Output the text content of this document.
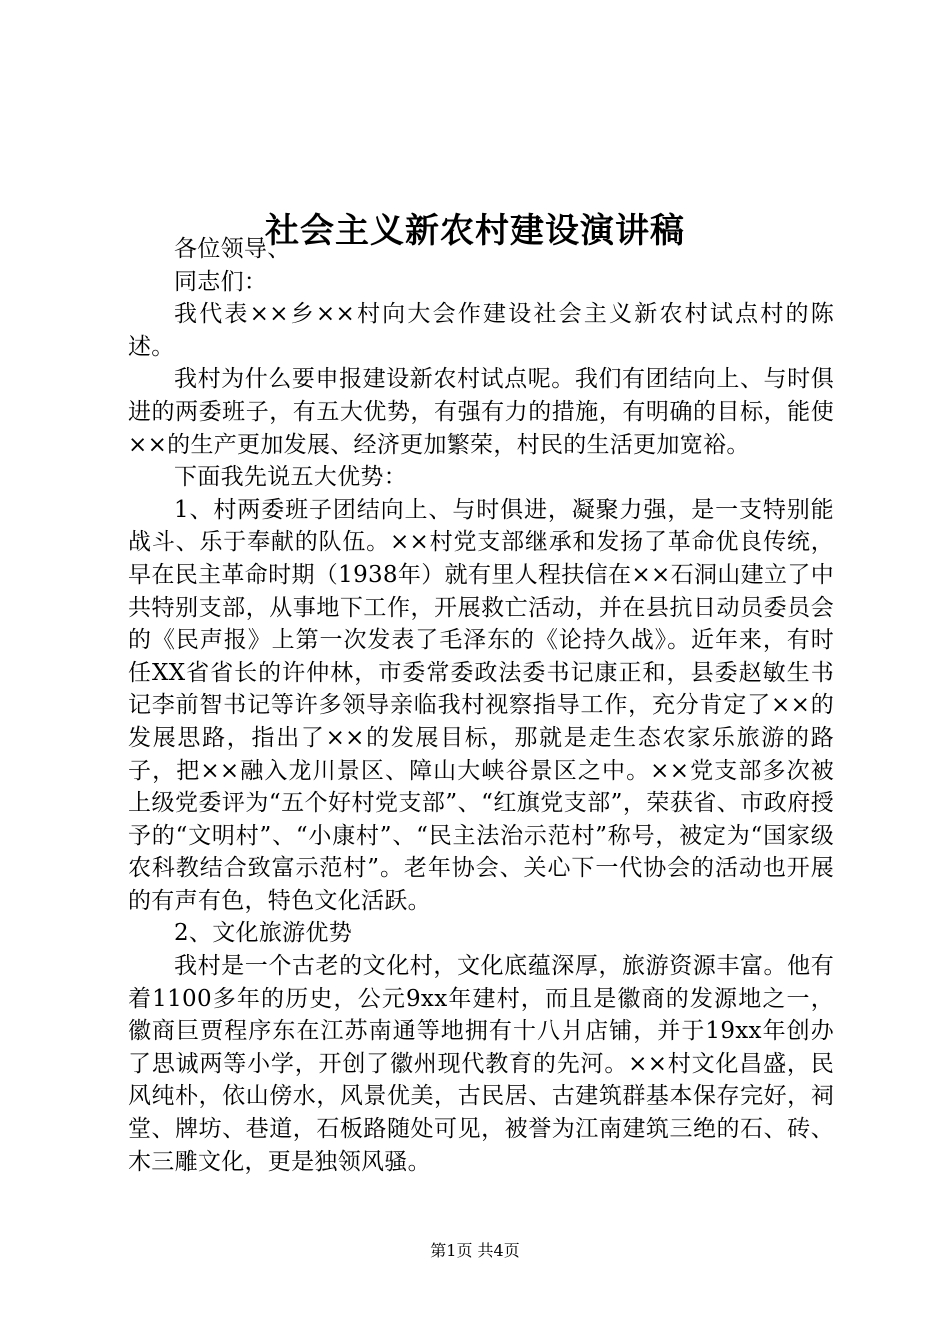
社会主义新农村建设演讲稿

各位领导、

同志们：

我代表××乡××村向大会作建设社会主义新农村试点村的陈述。

我村为什么要申报建设新农村试点呢。我们有团结向上、与时俱进的两委班子，有五大优势，有强有力的措施，有明确的目标，能使××的生产更加发展、经济更加繁荣，村民的生活更加宽裕。

下面我先说五大优势：

1、村两委班子团结向上、与时俱进，凝聚力强，是一支特别能战斗、乐于奉献的队伍。××村党支部继承和发扬了革命优良传统，早在民主革命时期（1938年）就有里人程扶信在××石洞山建立了中共特别支部，从事地下工作，开展救亡活动，并在县抗日动员委员会的《民声报》上第一次发表了毛泽东的《论持久战》。近年来，有时任XX省省长的许仲林，市委常委政法委书记康正和，县委赵敏生书记李前智书记等许多领导亲临我村视察指导工作，充分肯定了××的发展思路，指出了××的发展目标，那就是走生态农家乐旅游的路子，把××融入龙川景区、障山大峡谷景区之中。××党支部多次被上级党委评为“五个好村党支部”、“红旗党支部”，荣获省、市政府授予的“文明村”、“小康村”、“民主法治示范村”称号，被定为“国家级农科教结合致富示范村”。老年协会、关心下一代协会的活动也开展的有声有色，特色文化活跃。

2、文化旅游优势

我村是一个古老的文化村，文化底蕴深厚，旅游资源丰富。他有着1100多年的历史，公元9xx年建村，而且是徽商的发源地之一，徽商巨贾程序东在江苏南通等地拥有十八爿店铺，并于19xx年创办了思诚两等小学，开创了徽州现代教育的先河。××村文化昌盛，民风纯朴，依山傍水，风景优美，古民居、古建筑群基本保存完好，祠堂、牌坊、巷道，石板路随处可见，被誉为江南建筑三绝的石、砖、木三雕文化，更是独领风骚。

第1页 共4页
